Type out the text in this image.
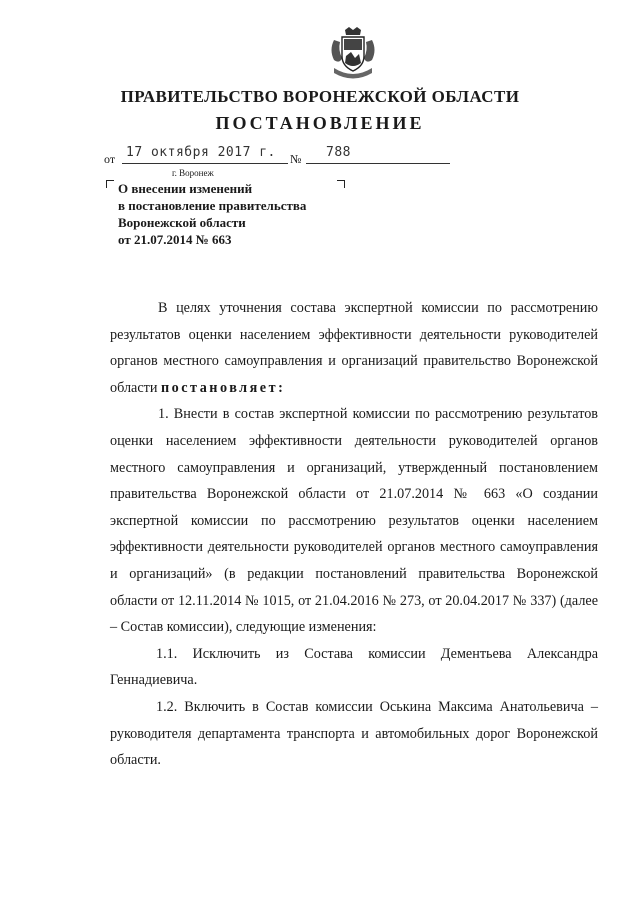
ПРАВИТЕЛЬСТВО ВОРОНЕЖСКОЙ ОБЛАСТИ
ПОСТАНОВЛЕНИЕ
от 17 октября 2017 г. № 788
г. Воронеж
О внесении изменений
в постановление правительства
Воронежской области
от 21.07.2014 № 663

В целях уточнения состава экспертной комиссии по рассмотрению результатов оценки населением эффективности деятельности руководителей органов местного самоуправления и организаций правительство Воронежской области постановляет:

1. Внести в состав экспертной комиссии по рассмотрению результатов оценки населением эффективности деятельности руководителей органов местного самоуправления и организаций, утвержденный постановлением правительства Воронежской области от 21.07.2014 № 663 «О создании экспертной комиссии по рассмотрению результатов оценки населением эффективности деятельности руководителей органов местного самоуправления и организаций» (в редакции постановлений правительства Воронежской области от 12.11.2014 № 1015, от 21.04.2016 № 273, от 20.04.2017 № 337) (далее – Состав комиссии), следующие изменения:

1.1. Исключить из Состава комиссии Дементьева Александра Геннадиевича.

1.2. Включить в Состав комиссии Оськина Максима Анатольевича – руководителя департамента транспорта и автомобильных дорог Воронежской области.
